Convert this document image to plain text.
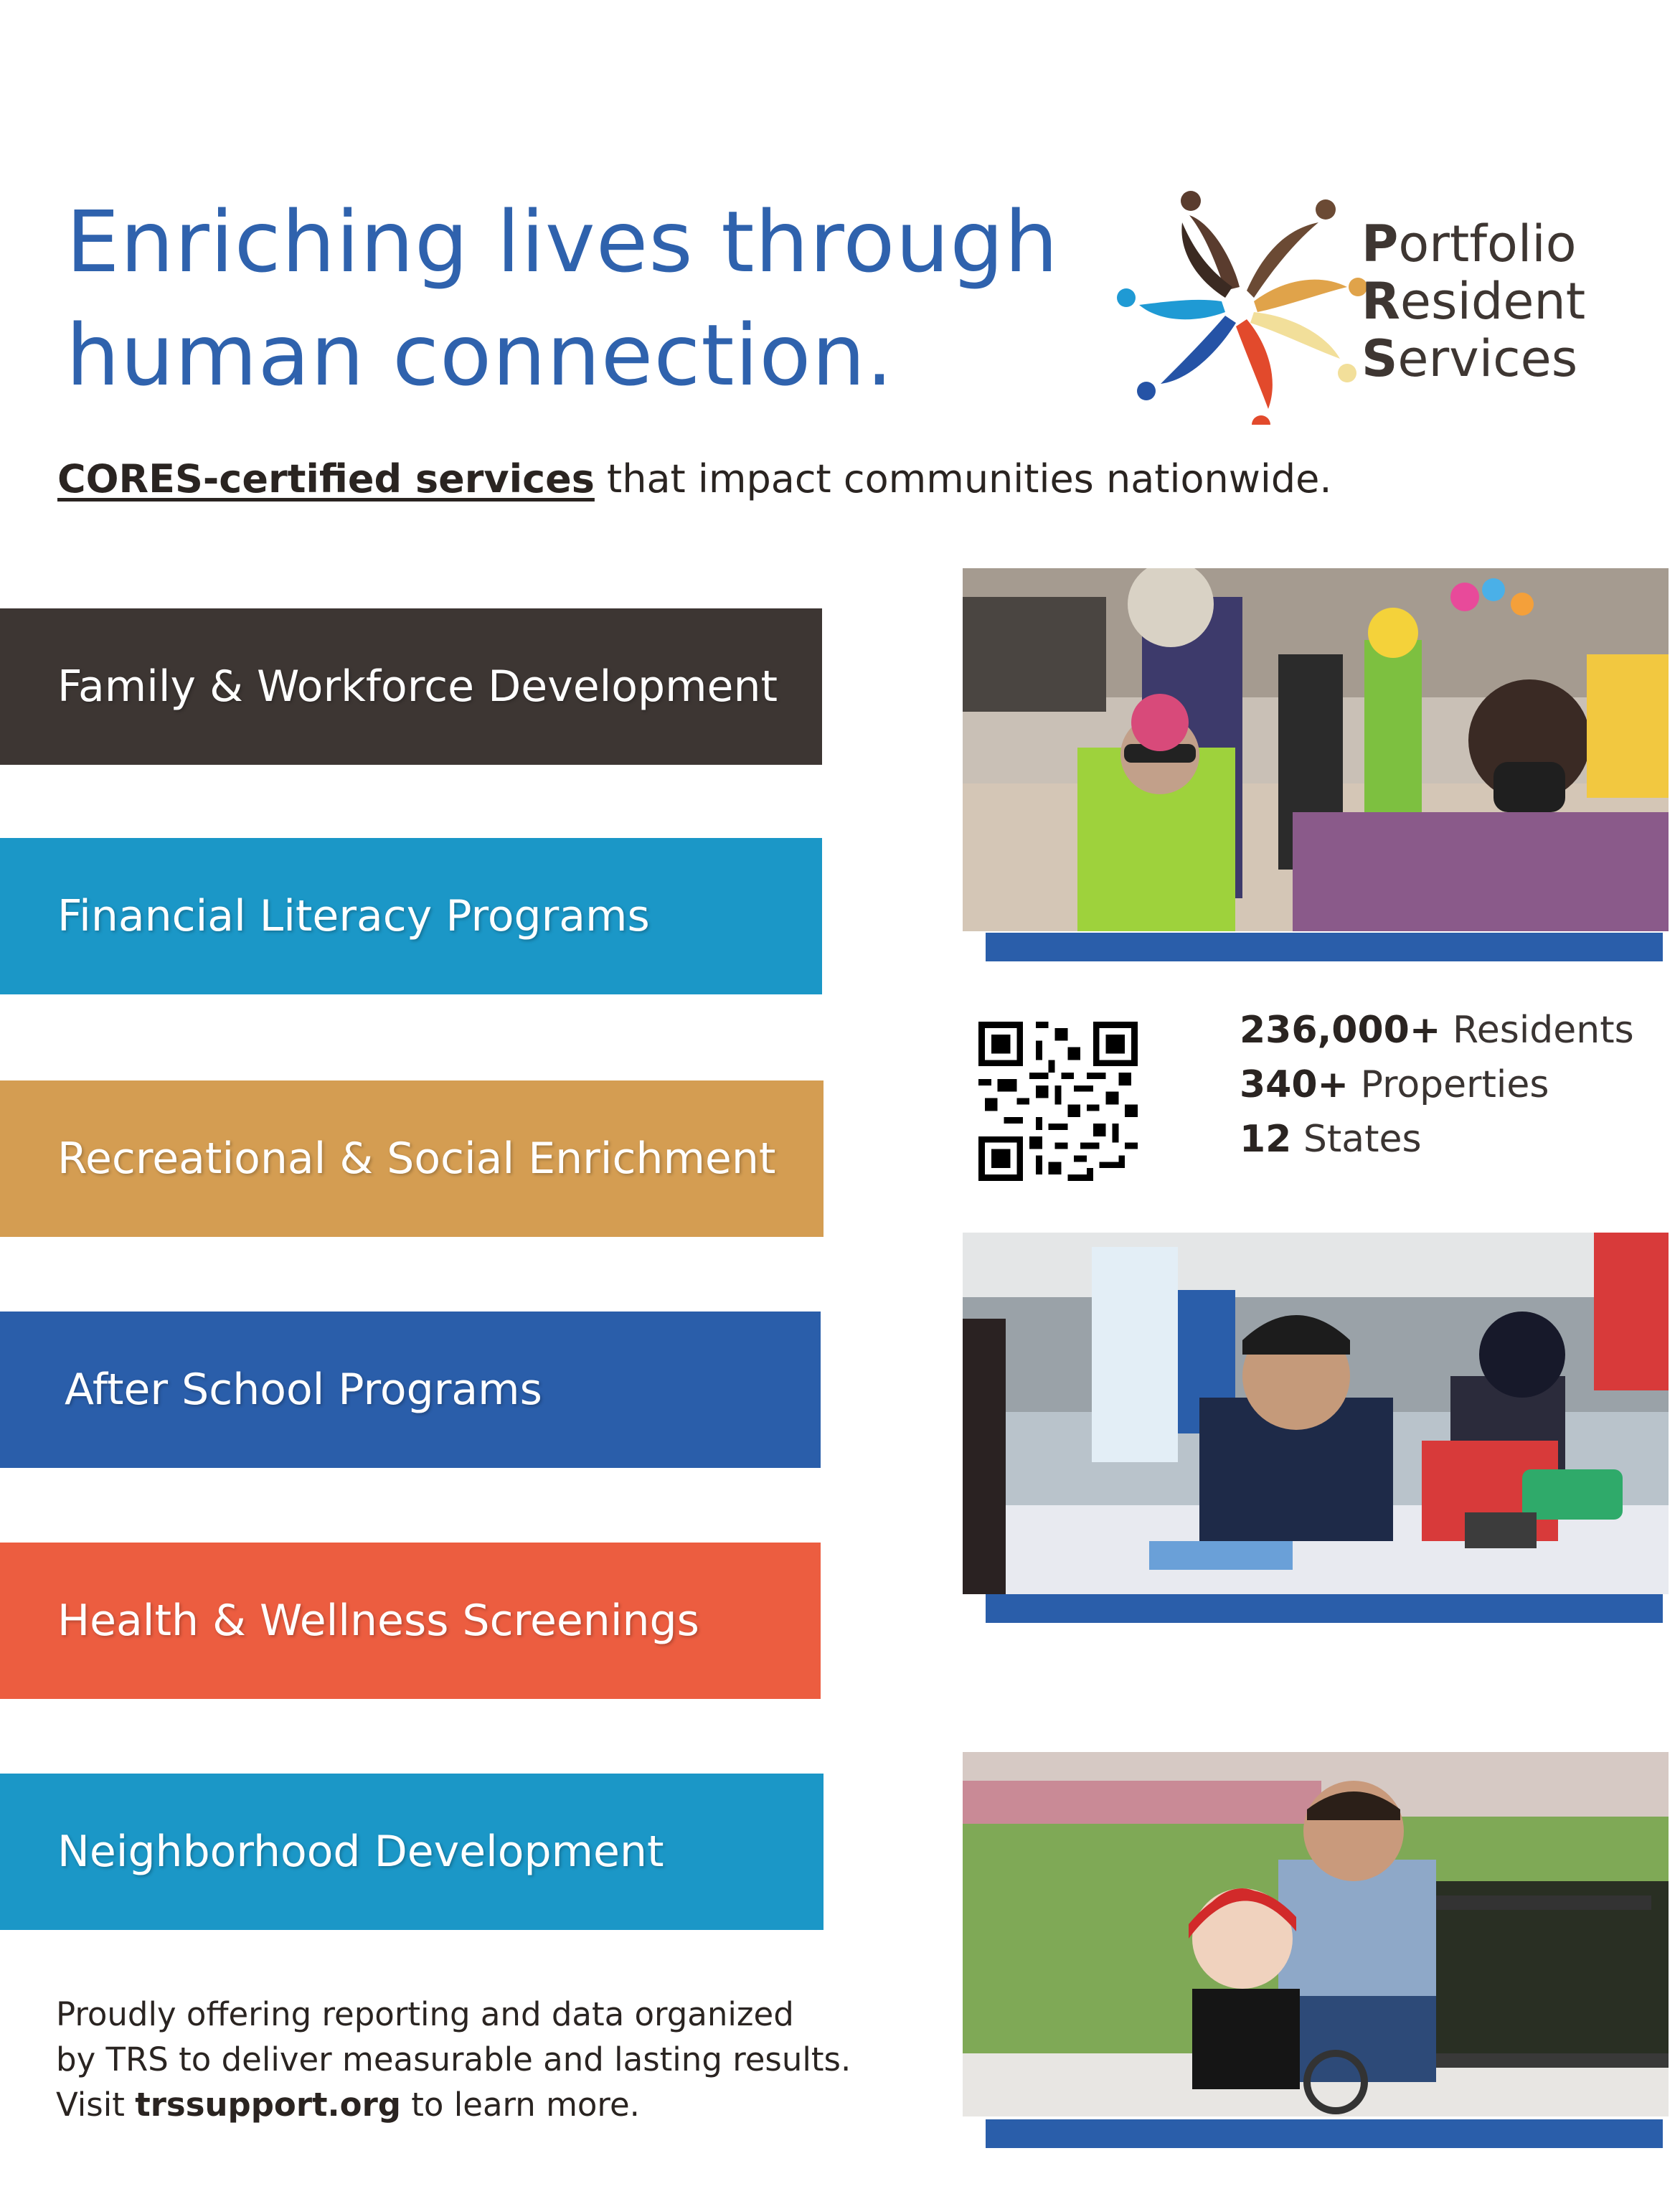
Enriching lives through
human connection.
Portfolio
Resident
Services
CORES-certified services that impact communities nationwide.
Family & Workforce Development
Financial Literacy Programs
Recreational & Social Enrichment
After School Programs
Health & Wellness Screenings
Neighborhood Development
236,000+ Residents
340+ Properties
12 States
Proudly offering reporting and data organized
by TRS to deliver measurable and lasting results.
Visit trssupport.org to learn more.
